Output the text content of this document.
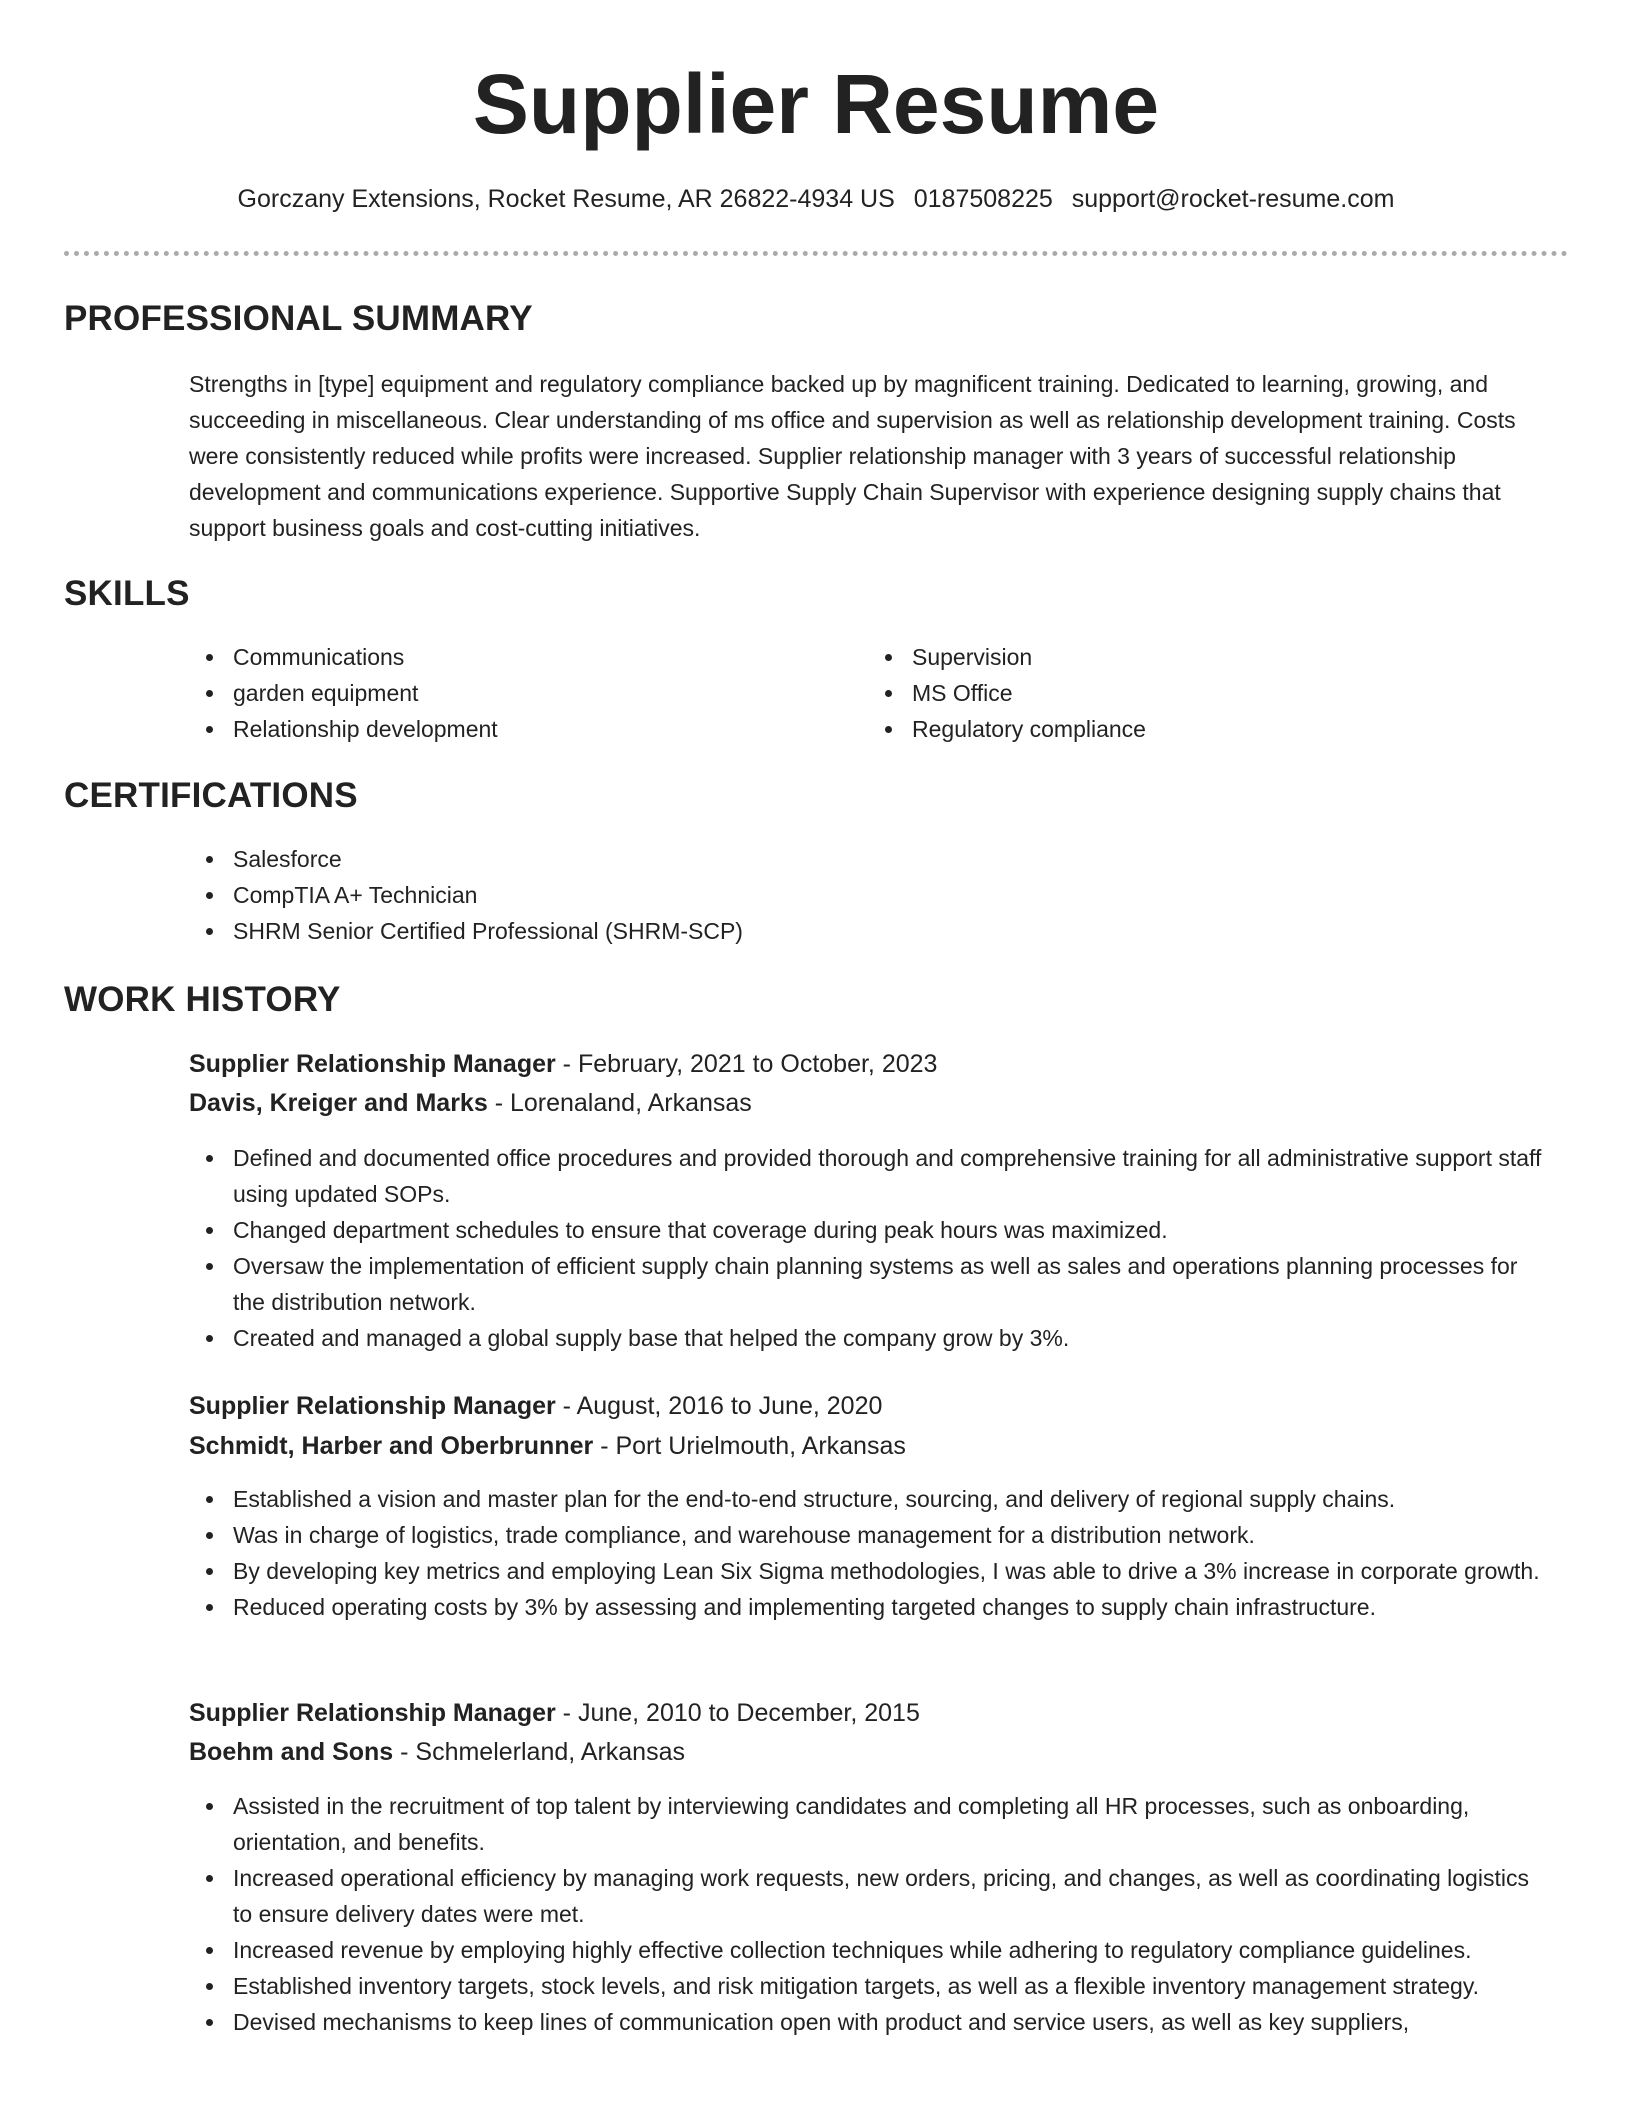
Supplier Resume
Gorczany Extensions, Rocket Resume, AR 26822-4934 US 0187508225 support@rocket-resume.com
PROFESSIONAL SUMMARY

Strengths in [type] equipment and regulatory compliance backed up by magnificent training. Dedicated to learning, growing, and succeeding in miscellaneous. Clear understanding of ms office and supervision as well as relationship development training. Costs were consistently reduced while profits were increased. Supplier relationship manager with 3 years of successful relationship development and communications experience. Supportive Supply Chain Supervisor with experience designing supply chains that support business goals and cost-cutting initiatives.

SKILLS
Communications
garden equipment
Relationship development
Supervision
MS Office
Regulatory compliance
CERTIFICATIONS
Salesforce
CompTIA A+ Technician
SHRM Senior Certified Professional (SHRM-SCP)
WORK HISTORY

Supplier Relationship Manager - February, 2021 to October, 2023

Davis, Kreiger and Marks - Lorenaland, Arkansas

Defined and documented office procedures and provided thorough and comprehensive training for all administrative support staff using updated SOPs.
Changed department schedules to ensure that coverage during peak hours was maximized.
Oversaw the implementation of efficient supply chain planning systems as well as sales and operations planning processes for the distribution network.
Created and managed a global supply base that helped the company grow by 3%.

Supplier Relationship Manager - August, 2016 to June, 2020

Schmidt, Harber and Oberbrunner - Port Urielmouth, Arkansas

Established a vision and master plan for the end-to-end structure, sourcing, and delivery of regional supply chains.
Was in charge of logistics, trade compliance, and warehouse management for a distribution network.
By developing key metrics and employing Lean Six Sigma methodologies, I was able to drive a 3% increase in corporate growth.
Reduced operating costs by 3% by assessing and implementing targeted changes to supply chain infrastructure.

Supplier Relationship Manager - June, 2010 to December, 2015

Boehm and Sons - Schmelerland, Arkansas

Assisted in the recruitment of top talent by interviewing candidates and completing all HR processes, such as onboarding, orientation, and benefits.
Increased operational efficiency by managing work requests, new orders, pricing, and changes, as well as coordinating logistics to ensure delivery dates were met.
Increased revenue by employing highly effective collection techniques while adhering to regulatory compliance guidelines.
Established inventory targets, stock levels, and risk mitigation targets, as well as a flexible inventory management strategy.
Devised mechanisms to keep lines of communication open with product and service users, as well as key suppliers,
